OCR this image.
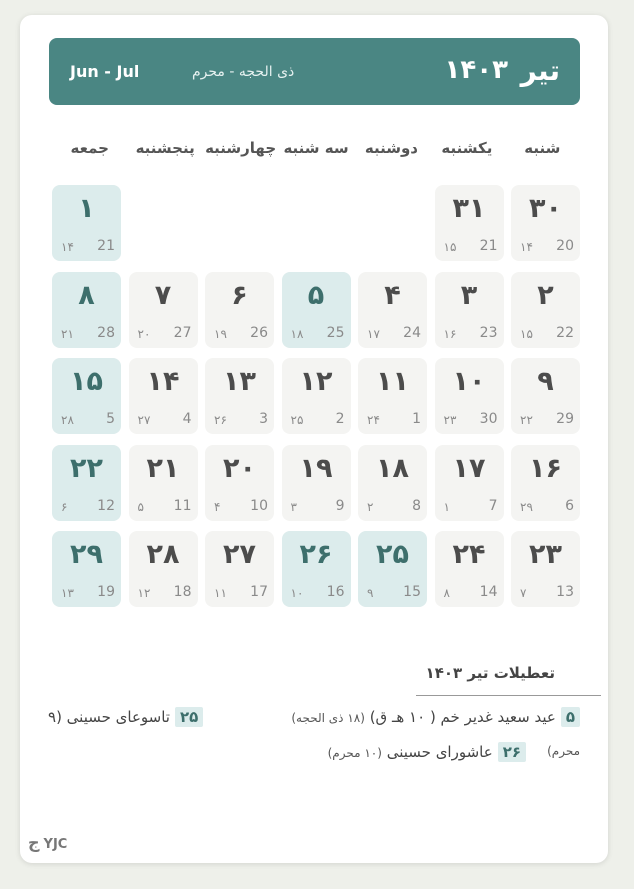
تیر
۱۴۰۳
ذی الحجه - محرم
Jun - Jul
شنبه
یکشنبه
دوشنبه
سه شنبه
چهارشنبه
پنجشنبه
جمعه
۳۰
20
۱۴
۳۱
21
۱۵
۱
21
۱۴
۲
22
۱۵
۳
23
۱۶
۴
24
۱۷
۵
25
۱۸
۶
26
۱۹
۷
27
۲۰
۸
28
۲۱
۹
29
۲۲
۱۰
30
۲۳
۱۱
1
۲۴
۱۲
2
۲۵
۱۳
3
۲۶
۱۴
4
۲۷
۱۵
5
۲۸
۱۶
6
۲۹
۱۷
7
۱
۱۸
8
۲
۱۹
9
۳
۲۰
10
۴
۲۱
11
۵
۲۲
12
۶
۲۳
13
۷
۲۴
14
۸
۲۵
15
۹
۲۶
16
۱۰
۲۷
17
۱۱
۲۸
18
۱۲
۲۹
19
۱۳
تعطیلات تیر ۱۴۰۳
۵عید سعید غدیر خم ( ۱۰ هـ ق) (۱۸ ذی الحجه)
۲۵تاسوعای حسینی (۹
محرم)
۲۶عاشورای حسینی (۱۰ محرم)
ج YJC
